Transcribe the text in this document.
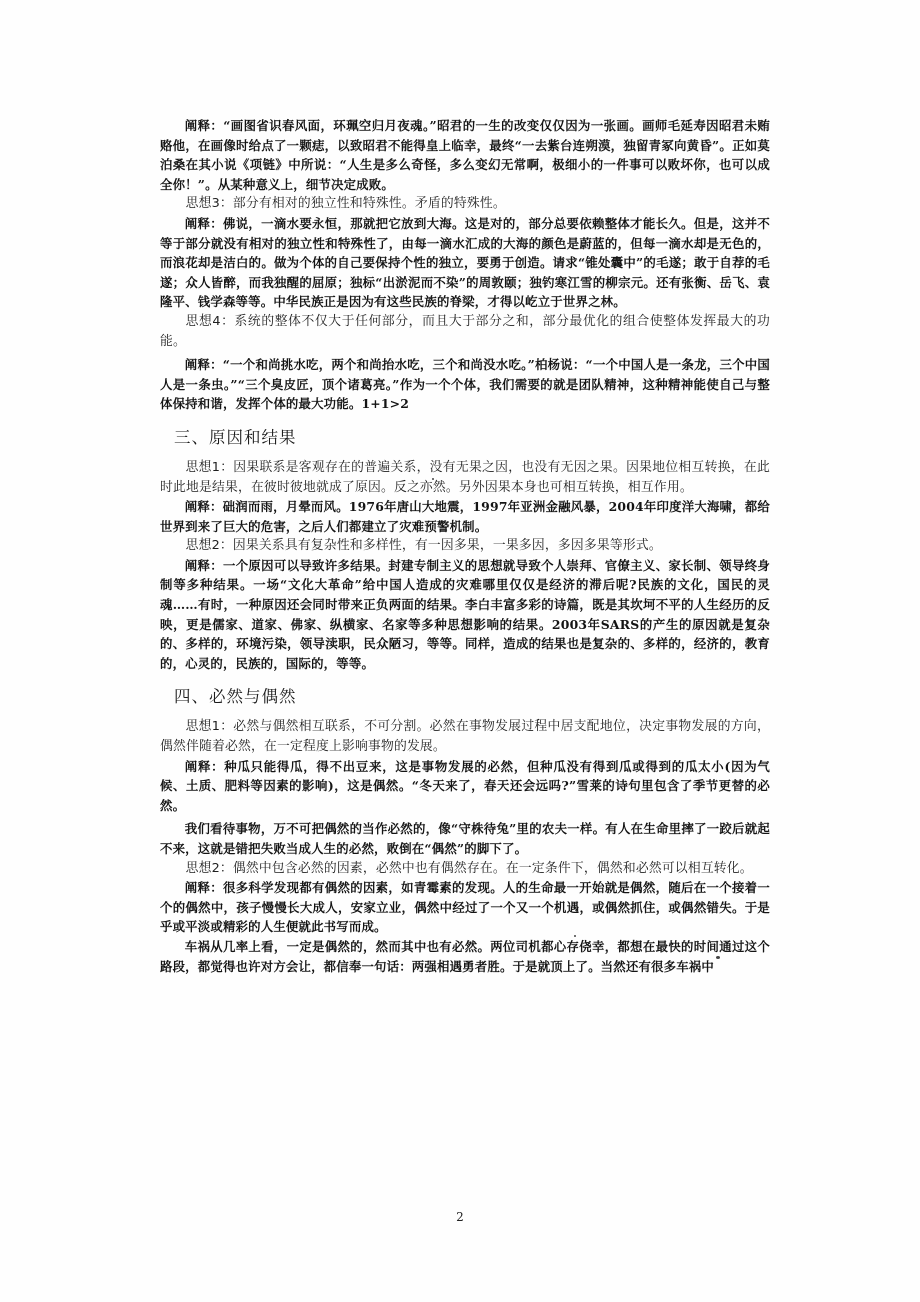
阐释：“画图省识春风面，环珮空归月夜魂。”昭君的一生的改变仅仅因为一张画。画师毛延寿因昭君未贿赂他，在画像时给点了一颗痣，以致昭君不能得皇上临幸，最终“一去紫台连朔漠，独留青冢向黄昏”。正如莫泊桑在其小说《项链》中所说：“人生是多么奇怪，多么变幻无常啊，极细小的一件事可以败坏你，也可以成全你！”。从某种意义上，细节决定成败。

思想3：部分有相对的独立性和特殊性。矛盾的特殊性。

阐释：佛说，一滴水要永恒，那就把它放到大海。这是对的，部分总要依赖整体才能长久。但是，这并不等于部分就没有相对的独立性和特殊性了，由每一滴水汇成的大海的颜色是蔚蓝的，但每一滴水却是无色的，而浪花却是洁白的。做为个体的自己要保持个性的独立，要勇于创造。请求“锥处囊中”的毛遂；敢于自荐的毛遂；众人皆醉，而我独醒的屈原；独标“出淤泥而不染”的周敦颐；独钓寒江雪的柳宗元。还有张衡、岳飞、袁隆平、钱学森等等。中华民族正是因为有这些民族的脊梁，才得以屹立于世界之林。

思想4：系统的整体不仅大于任何部分，而且大于部分之和，部分最优化的组合使整体发挥最大的功能。

阐释：“一个和尚挑水吃，两个和尚抬水吃，三个和尚没水吃。”柏杨说：“一个中国人是一条龙，三个中国人是一条虫。”“三个臭皮匠，顶个诸葛亮。”作为一个个体，我们需要的就是团队精神，这种精神能使自己与整体保持和谐，发挥个体的最大功能。1+1>2

三、原因和结果

思想1：因果联系是客观存在的普遍关系，没有无果之因，也没有无因之果。因果地位相互转换，在此时此地是结果，在彼时彼地就成了原因。反之亦然。另外因果本身也可相互转换，相互作用。

阐释：础润而雨，月晕而风。1976年唐山大地震，1997年亚洲金融风暴，2004年印度洋大海啸，都给世界到来了巨大的危害，之后人们都建立了灾难预警机制。

思想2：因果关系具有复杂性和多样性，有一因多果，一果多因，多因多果等形式。

阐释：一个原因可以导致许多结果。封建专制主义的思想就导致个人崇拜、官僚主义、家长制、领导终身制等多种结果。一场“文化大革命”给中国人造成的灾难哪里仅仅是经济的滞后呢?民族的文化，国民的灵魂……有时，一种原因还会同时带来正负两面的结果。李白丰富多彩的诗篇，既是其坎坷不平的人生经历的反映，更是儒家、道家、佛家、纵横家、名家等多种思想影响的结果。2003年SARS的产生的原因就是复杂的、多样的，环境污染，领导渎职，民众陋习，等等。同样，造成的结果也是复杂的、多样的，经济的，教育的，心灵的，民族的，国际的，等等。

四、必然与偶然

思想1：必然与偶然相互联系，不可分割。必然在事物发展过程中居支配地位，决定事物发展的方向，偶然伴随着必然，在一定程度上影响事物的发展。

阐释：种瓜只能得瓜，得不出豆来，这是事物发展的必然，但种瓜没有得到瓜或得到的瓜太小(因为气候、土质、肥料等因素的影响)，这是偶然。“冬天来了，春天还会远吗?”雪莱的诗句里包含了季节更替的必然。

我们看待事物，万不可把偶然的当作必然的，像“守株待兔”里的农夫一样。有人在生命里摔了一跤后就起不来，这就是错把失败当成人生的必然，败倒在“偶然”的脚下了。

思想2：偶然中包含必然的因素，必然中也有偶然存在。在一定条件下，偶然和必然可以相互转化。

阐释：很多科学发现都有偶然的因素，如青霉素的发现。人的生命最一开始就是偶然，随后在一个接着一个的偶然中，孩子慢慢长大成人，安家立业，偶然中经过了一个又一个机遇，或偶然抓住，或偶然错失。于是乎或平淡或精彩的人生便就此书写而成。

车祸从几率上看，一定是偶然的，然而其中也有必然。两位司机都心存侥幸，都想在最快的时间通过这个路段，都觉得也许对方会让，都信奉一句话：两强相遇勇者胜。于是就顶上了。当然还有很多车祸中

2
